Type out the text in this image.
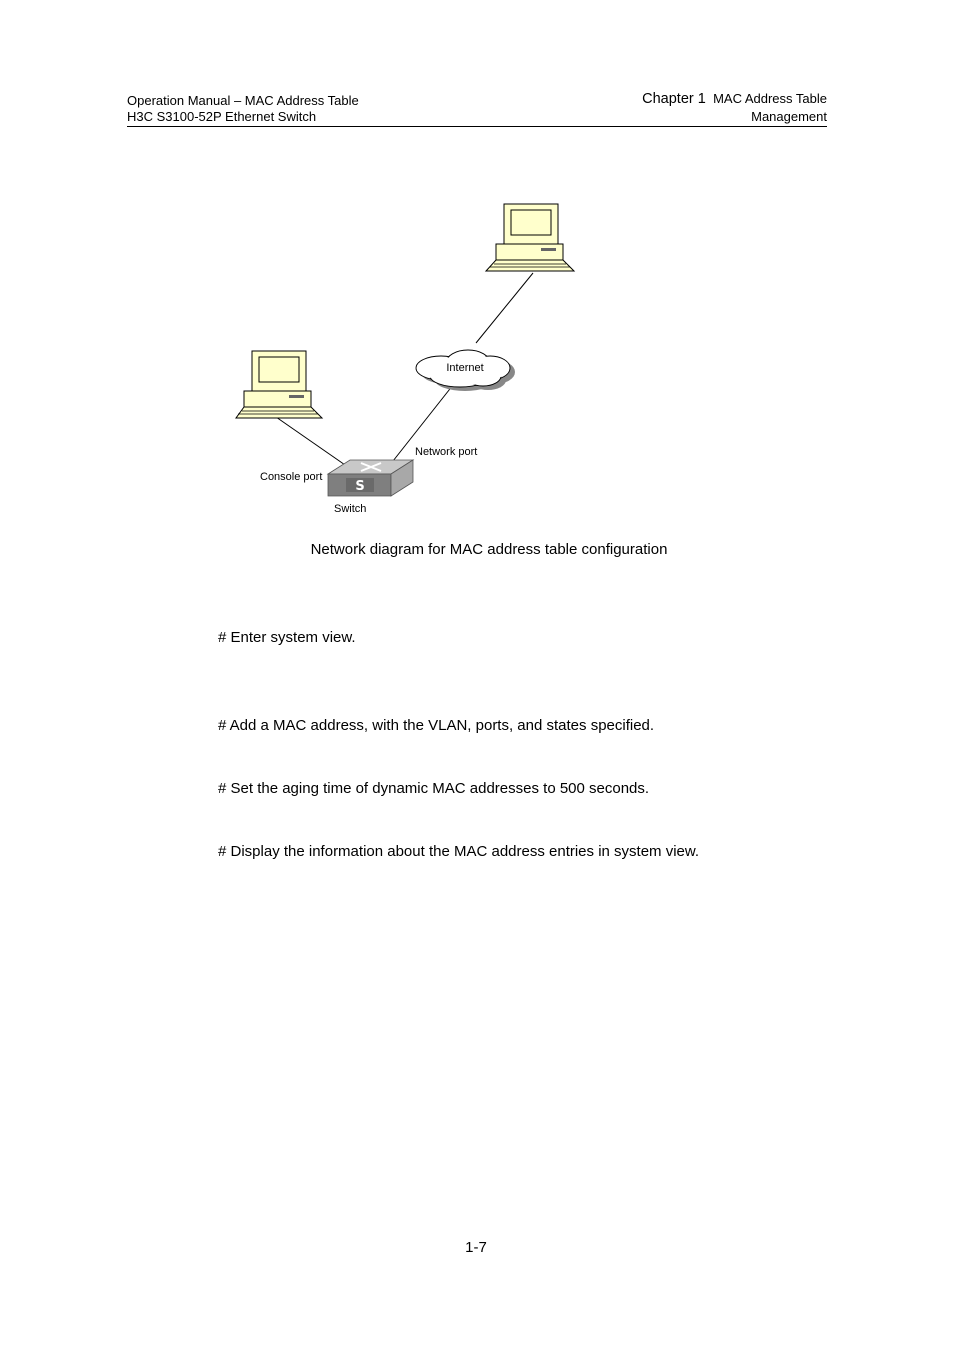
Operation Manual – MAC Address Table
H3C S3100-52P Ethernet Switch
Chapter 1 MAC Address Table
Management
Internet
S
Network port
Console port
Switch
Network diagram for MAC address table configuration
# Enter system view.
# Add a MAC address, with the VLAN, ports, and states specified.
# Set the aging time of dynamic MAC addresses to 500 seconds.
# Display the information about the MAC address entries in system view.
1-7
